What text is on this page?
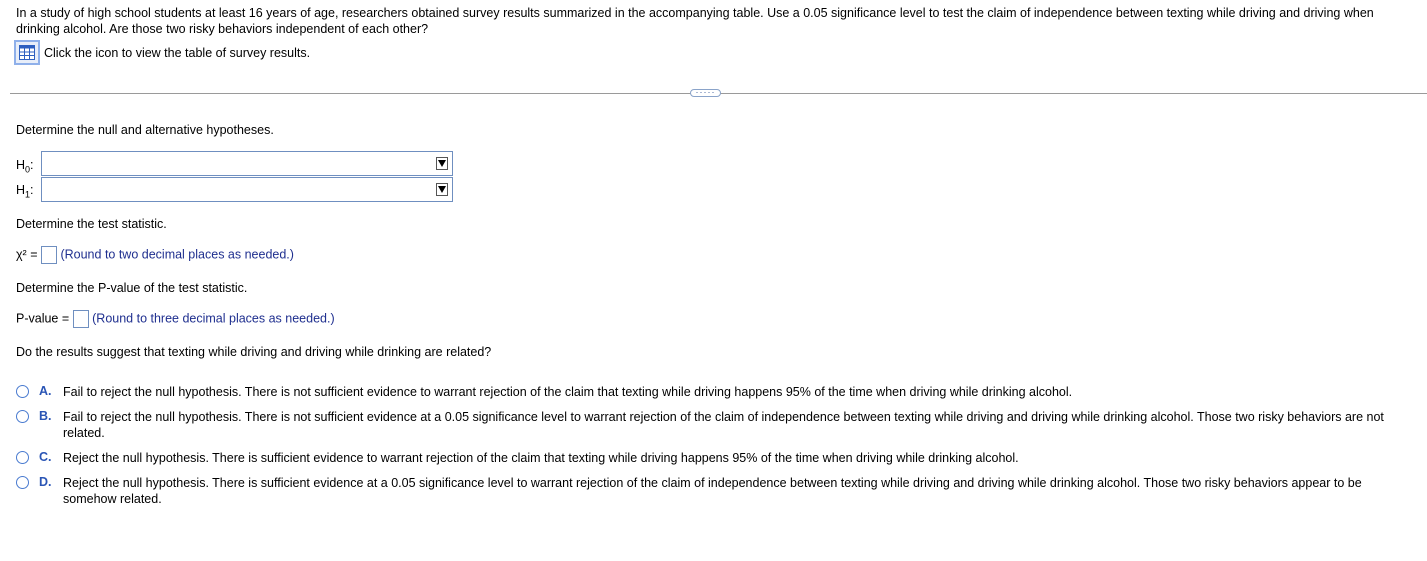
In a study of high school students at least 16 years of age, researchers obtained survey results summarized in the accompanying table. Use a 0.05 significance level to test the claim of independence between texting while driving and driving when drinking alcohol. Are those two risky behaviors independent of each other?
Click the icon to view the table of survey results.
·····
Determine the null and alternative hypotheses.
$H_0$:
$H_1$:
Determine the test statistic.
χ² = (Round to two decimal places as needed.)
Determine the P-value of the test statistic.
P-value = (Round to three decimal places as needed.)
Do the results suggest that texting while driving and driving while drinking are related?
A. Fail to reject the null hypothesis. There is not sufficient evidence to warrant rejection of the claim that texting while driving happens 95% of the time when driving while drinking alcohol.
B. Fail to reject the null hypothesis. There is not sufficient evidence at a 0.05 significance level to warrant rejection of the claim of independence between texting while driving and driving while drinking alcohol. Those two risky behaviors are not related.
C. Reject the null hypothesis. There is sufficient evidence to warrant rejection of the claim that texting while driving happens 95% of the time when driving while drinking alcohol.
D. Reject the null hypothesis. There is sufficient evidence at a 0.05 significance level to warrant rejection of the claim of independence between texting while driving and driving while drinking alcohol. Those two risky behaviors appear to be somehow related.
